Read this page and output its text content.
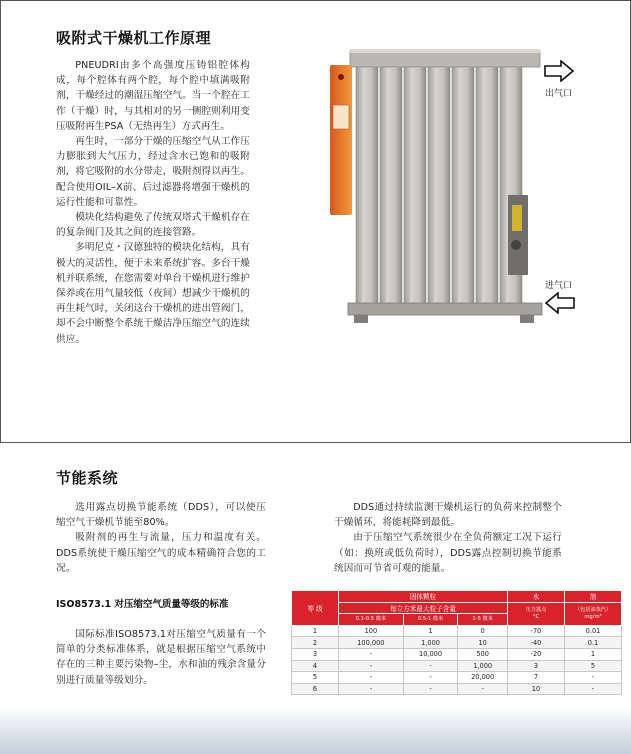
吸附式干燥机工作原理

PNEUDRI由多个高强度压铸铝腔体构成，每个腔体有两个腔，每个腔中填满吸附剂，干燥经过的潮湿压缩空气。当一个腔在工作（干燥）时，与其相对的另一侧腔则利用变压吸附再生PSA（无热再生）方式再生。

再生时，一部分干燥的压缩空气从工作压力膨胀到大气压力，经过含水已饱和的吸附剂，将它吸附的水分带走，吸附剂得以再生。配合使用OIL–X前、后过滤器将增强干燥机的运行性能和可靠性。

模块化结构避免了传统双塔式干燥机存在的复杂阀门及其之间的连接管路。

多明尼克・汉德独特的模块化结构，具有极大的灵活性，便于未来系统扩容。多台干燥机并联系统，在您需要对单台干燥机进行维护保养或在用气量较低（夜间）想减少干燥机的再生耗气时，关闭这台干燥机的进出管阀门，却不会中断整个系统干燥洁净压缩空气的连续供应。

出气口
进气口
节能系统

选用露点切换节能系统（DDS），可以使压缩空气干燥机节能至80%。

吸附剂的再生与流量，压力和温度有关。DDS系统使干燥压缩空气的成本精确符合您的工况。

DDS通过持续监测干燥机运行的负荷来控制整个干燥循环，将能耗降到最低。

由于压缩空气系统很少在全负荷额定工况下运行（如：换班或低负荷时），DDS露点控制切换节能系统因而可节省可观的能量。

ISO8573.1 对压缩空气质量等级的标准

国际标准ISO8573.1对压缩空气质量有一个简单的分类标准体系，就是根据压缩空气系统中存在的三种主要污染物–尘，水和油的残余含量分别进行质量等级划分。

等 级	固体颗粒			水	油
	每立方米最大粒子含量			压力露点
°C	（包括油蒸汽）
mg/m³
	0.1-0.5 微米	0.5-1 微米	1-5 微米		
1	100	1	0	-70	0.01
2	100,000	1,000	10	-40	0.1
3	-	10,000	500	-20	1
4	-	-	1,000	3	5
5	-	-	20,000	7	-
6	-	-	-	10	-
